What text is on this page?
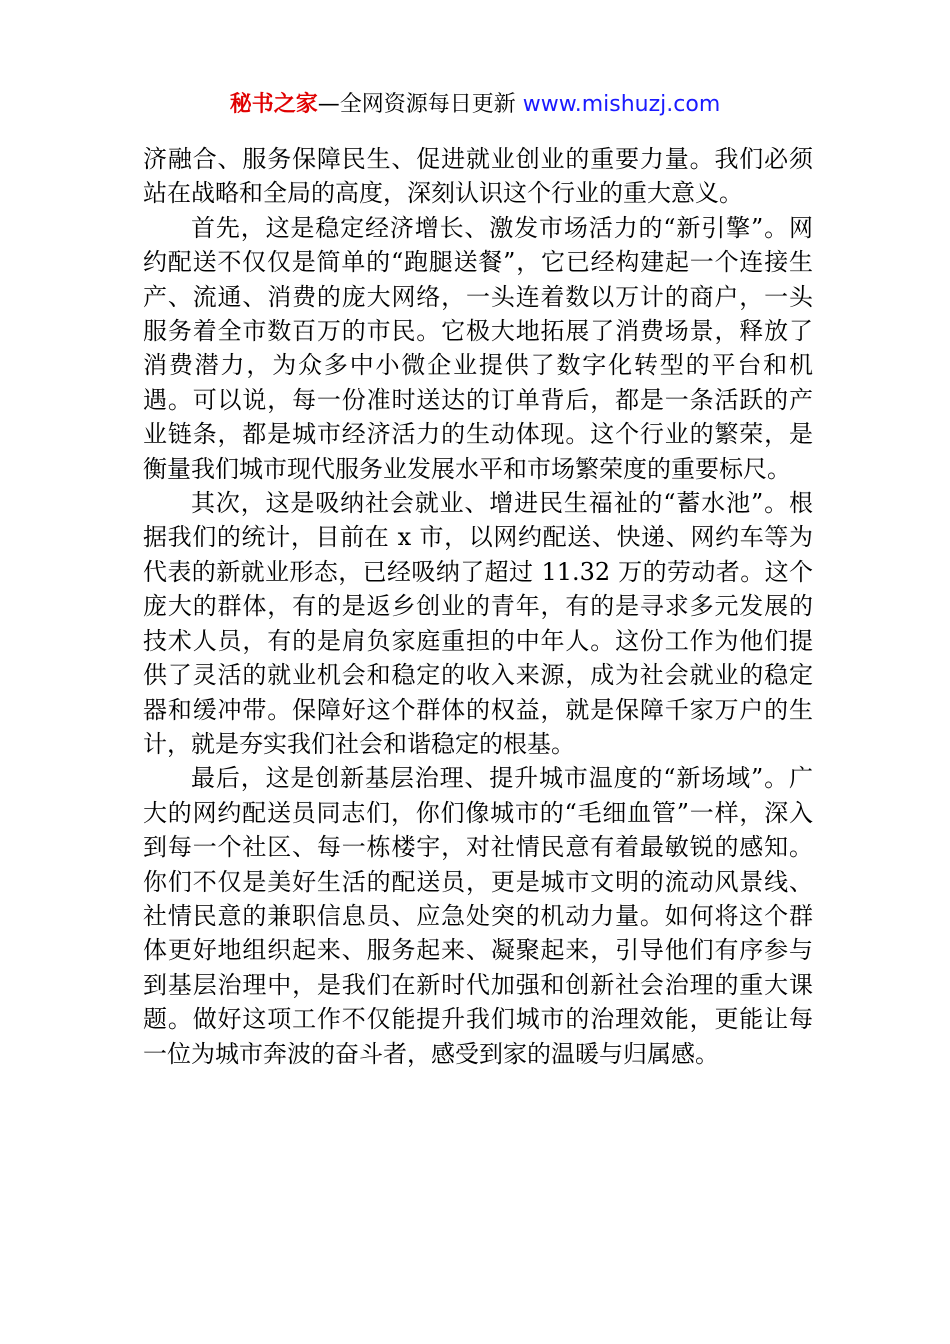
秘书之家—全网资源每日更新 www.mishuzj.com

济融合、服务保障民生、促进就业创业的重要力量。我们必须站在战略和全局的高度，深刻认识这个行业的重大意义。

首先，这是稳定经济增长、激发市场活力的“新引擎”。网约配送不仅仅是简单的“跑腿送餐”，它已经构建起一个连接生产、流通、消费的庞大网络，一头连着数以万计的商户，一头服务着全市数百万的市民。它极大地拓展了消费场景，释放了消费潜力，为众多中小微企业提供了数字化转型的平台和机遇。可以说，每一份准时送达的订单背后，都是一条活跃的产业链条，都是城市经济活力的生动体现。这个行业的繁荣，是衡量我们城市现代服务业发展水平和市场繁荣度的重要标尺。

其次，这是吸纳社会就业、增进民生福祉的“蓄水池”。根据我们的统计，目前在 x 市，以网约配送、快递、网约车等为代表的新就业形态，已经吸纳了超过 11.32 万的劳动者。这个庞大的群体，有的是返乡创业的青年，有的是寻求多元发展的技术人员，有的是肩负家庭重担的中年人。这份工作为他们提供了灵活的就业机会和稳定的收入来源，成为社会就业的稳定器和缓冲带。保障好这个群体的权益，就是保障千家万户的生计，就是夯实我们社会和谐稳定的根基。

最后，这是创新基层治理、提升城市温度的“新场域”。广大的网约配送员同志们，你们像城市的“毛细血管”一样，深入到每一个社区、每一栋楼宇，对社情民意有着最敏锐的感知。你们不仅是美好生活的配送员，更是城市文明的流动风景线、社情民意的兼职信息员、应急处突的机动力量。如何将这个群体更好地组织起来、服务起来、凝聚起来，引导他们有序参与到基层治理中，是我们在新时代加强和创新社会治理的重大课题。做好这项工作不仅能提升我们城市的治理效能，更能让每一位为城市奔波的奋斗者，感受到家的温暖与归属感。
